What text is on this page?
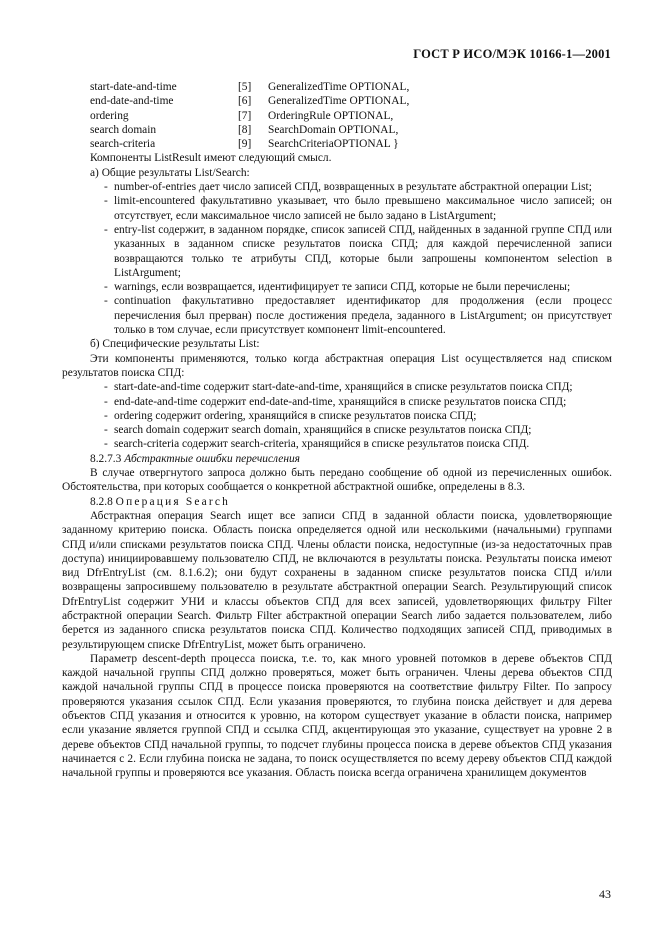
ГОСТ Р ИСО/МЭК 10166-1—2001
start-date-and-time	[5]	GeneralizedTime OPTIONAL,
end-date-and-time	[6]	GeneralizedTime OPTIONAL,
ordering	[7]	OrderingRule OPTIONAL,
search domain	[8]	SearchDomain OPTIONAL,
search-criteria	[9]	SearchCriteriaOPTIONAL }

Компоненты ListResult имеют следующий смысл.

а) Общие результаты List/Search:

- number-of-entries дает число записей СПД, возвращенных в результате абстрактной операции List;
- limit-encountered факультативно указывает, что было превышено максимальное число записей; он отсутствует, если максимальное число записей не было задано в ListArgument;
- entry-list содержит, в заданном порядке, список записей СПД, найденных в заданной группе СПД или указанных в заданном списке результатов поиска СПД; для каждой перечисленной записи возвращаются только те атрибуты СПД, которые были запрошены компонентом selection в ListArgument;
- warnings, если возвращается, идентифицирует те записи СПД, которые не были перечислены;
- continuation факультативно предоставляет идентификатор для продолжения (если процесс перечисления был прерван) после достижения предела, заданного в ListArgument; он присутствует только в том случае, если присутствует компонент limit-encountered.

б) Специфические результаты List:

Эти компоненты применяются, только когда абстрактная операция List осуществляется над списком результатов поиска СПД:

- start-date-and-time содержит start-date-and-time, хранящийся в списке результатов поиска СПД;
- end-date-and-time содержит end-date-and-time, хранящийся в списке результатов поиска СПД;
- ordering содержит ordering, хранящийся в списке результатов поиска СПД;
- search domain содержит search domain, хранящийся в списке результатов поиска СПД;
- search-criteria содержит search-criteria, хранящийся в списке результатов поиска СПД.

8.2.7.3 Абстрактные ошибки перечисления

В случае отвергнутого запроса должно быть передано сообщение об одной из перечисленных ошибок. Обстоятельства, при которых сообщается о конкретной абстрактной ошибке, определены в 8.3.

8.2.8 Операция Search

Абстрактная операция Search ищет все записи СПД в заданной области поиска, удовлетворяющие заданному критерию поиска. Область поиска определяется одной или несколькими (начальными) группами СПД и/или списками результатов поиска СПД. Члены области поиска, недоступные (из-за недостаточных прав доступа) инициировавшему пользователю СПД, не включаются в результаты поиска. Результаты поиска имеют вид DfrEntryList (см. 8.1.6.2); они будут сохранены в заданном списке результатов поиска СПД и/или возвращены запросившему пользователю в результате абстрактной операции Search. Результирующий список DfrEntryList содержит УНИ и классы объектов СПД для всех записей, удовлетворяющих фильтру Filter абстрактной операции Search. Фильтр Filter абстрактной операции Search либо задается пользователем, либо берется из заданного списка результатов поиска СПД. Количество подходящих записей СПД, приводимых в результирующем списке DfrEntryList, может быть ограничено.

Параметр descent-depth процесса поиска, т.е. то, как много уровней потомков в дереве объектов СПД каждой начальной группы СПД должно проверяться, может быть ограничен. Члены дерева объектов СПД каждой начальной группы СПД в процессе поиска проверяются на соответствие фильтру Filter. По запросу проверяются указания ссылок СПД. Если указания проверяются, то глубина поиска действует и для дерева объектов СПД указания и относится к уровню, на котором существует указание в области поиска, например если указание является группой СПД и ссылка СПД, акцентирующая это указание, существует на уровне 2 в дереве объектов СПД начальной группы, то подсчет глубины процесса поиска в дереве объектов СПД указания начинается с 2. Если глубина поиска не задана, то поиск осуществляется по всему дереву объектов СПД каждой начальной группы и проверяются все указания. Область поиска всегда ограничена хранилищем документов

43
